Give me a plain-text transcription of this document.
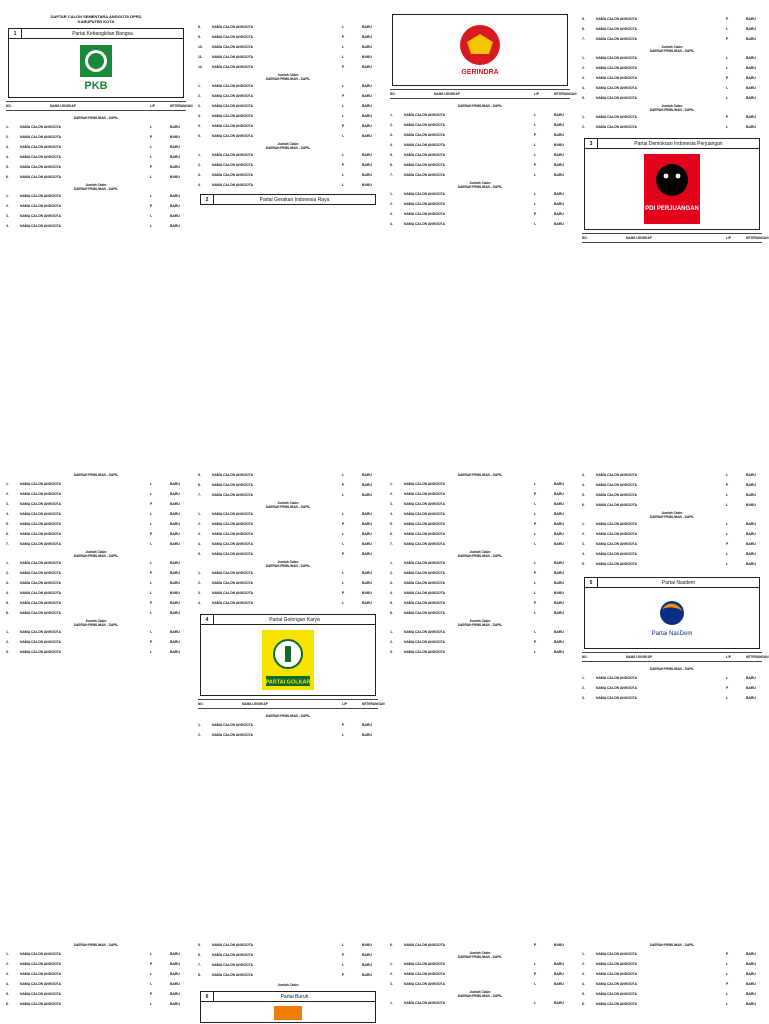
DAFTAR CALON SEMENTARA ANGGOTA DPRD
KABUPATEN KOTA
1	Partai Kebangkitan Bangsa
PKB
NO.	NAMA LENGKAP	L/P	KETERANGAN
DAERAH PEMILIHAN - DAPIL
1.	NAMA CALON ANGGOTA	L	BARU
2.	NAMA CALON ANGGOTA	P	BARU
3.	NAMA CALON ANGGOTA	L	BARU
4.	NAMA CALON ANGGOTA	L	BARU
5.	NAMA CALON ANGGOTA	P	BARU
6.	NAMA CALON ANGGOTA	L	BARU
Jumlah Calon
DAERAH PEMILIHAN - DAPIL
1.	NAMA CALON ANGGOTA	L	BARU
2.	NAMA CALON ANGGOTA	P	BARU
3.	NAMA CALON ANGGOTA	L	BARU
4.	NAMA CALON ANGGOTA	L	BARU
8.	NAMA CALON ANGGOTA	L	BARU
9.	NAMA CALON ANGGOTA	P	BARU
10.	NAMA CALON ANGGOTA	L	BARU
11.	NAMA CALON ANGGOTA	L	BARU
12.	NAMA CALON ANGGOTA	P	BARU
Jumlah Calon
DAERAH PEMILIHAN - DAPIL
1.	NAMA CALON ANGGOTA	L	BARU
2.	NAMA CALON ANGGOTA	P	BARU
3.	NAMA CALON ANGGOTA	L	BARU
4.	NAMA CALON ANGGOTA	L	BARU
5.	NAMA CALON ANGGOTA	P	BARU
6.	NAMA CALON ANGGOTA	L	BARU
Jumlah Calon
DAERAH PEMILIHAN - DAPIL
1.	NAMA CALON ANGGOTA	L	BARU
2.	NAMA CALON ANGGOTA	P	BARU
3.	NAMA CALON ANGGOTA	L	BARU
4.	NAMA CALON ANGGOTA	L	BARU
2	Partai Gerakan Indonesia Raya
GERINDRA
NO.	NAMA LENGKAP	L/P	KETERANGAN
DAERAH PEMILIHAN - DAPIL
1.	NAMA CALON ANGGOTA	L	BARU
2.	NAMA CALON ANGGOTA	L	BARU
3.	NAMA CALON ANGGOTA	P	BARU
4.	NAMA CALON ANGGOTA	L	BARU
5.	NAMA CALON ANGGOTA	L	BARU
6.	NAMA CALON ANGGOTA	P	BARU
7.	NAMA CALON ANGGOTA	L	BARU
Jumlah Calon
DAERAH PEMILIHAN - DAPIL
1.	NAMA CALON ANGGOTA	L	BARU
2.	NAMA CALON ANGGOTA	L	BARU
3.	NAMA CALON ANGGOTA	P	BARU
4.	NAMA CALON ANGGOTA	L	BARU
5.	NAMA CALON ANGGOTA	P	BARU
6.	NAMA CALON ANGGOTA	L	BARU
7.	NAMA CALON ANGGOTA	P	BARU
Jumlah Calon
DAERAH PEMILIHAN - DAPIL
1.	NAMA CALON ANGGOTA	L	BARU
2.	NAMA CALON ANGGOTA	L	BARU
3.	NAMA CALON ANGGOTA	P	BARU
4.	NAMA CALON ANGGOTA	L	BARU
5.	NAMA CALON ANGGOTA	L	BARU
Jumlah Calon
DAERAH PEMILIHAN - DAPIL
1.	NAMA CALON ANGGOTA	P	BARU
2.	NAMA CALON ANGGOTA	L	BARU
3	Partai Demokrasi Indonesia Perjuangan
PDI PERJUANGAN
NO.	NAMA LENGKAP	L/P	KETERANGAN
DAERAH PEMILIHAN - DAPIL
1.	NAMA CALON ANGGOTA	L	BARU
2.	NAMA CALON ANGGOTA	L	BARU
3.	NAMA CALON ANGGOTA	P	BARU
4.	NAMA CALON ANGGOTA	L	BARU
5.	NAMA CALON ANGGOTA	L	BARU
6.	NAMA CALON ANGGOTA	P	BARU
7.	NAMA CALON ANGGOTA	L	BARU
Jumlah Calon
DAERAH PEMILIHAN - DAPIL
1.	NAMA CALON ANGGOTA	L	BARU
2.	NAMA CALON ANGGOTA	P	BARU
3.	NAMA CALON ANGGOTA	L	BARU
4.	NAMA CALON ANGGOTA	L	BARU
5.	NAMA CALON ANGGOTA	P	BARU
6.	NAMA CALON ANGGOTA	L	BARU
Jumlah Calon
DAERAH PEMILIHAN - DAPIL
1.	NAMA CALON ANGGOTA	L	BARU
2.	NAMA CALON ANGGOTA	P	BARU
3.	NAMA CALON ANGGOTA	L	BARU
5.	NAMA CALON ANGGOTA	L	BARU
6.	NAMA CALON ANGGOTA	P	BARU
7.	NAMA CALON ANGGOTA	L	BARU
Jumlah Calon
DAERAH PEMILIHAN - DAPIL
1.	NAMA CALON ANGGOTA	L	BARU
2.	NAMA CALON ANGGOTA	P	BARU
3.	NAMA CALON ANGGOTA	L	BARU
4.	NAMA CALON ANGGOTA	L	BARU
5.	NAMA CALON ANGGOTA	P	BARU
Jumlah Calon
DAERAH PEMILIHAN - DAPIL
1.	NAMA CALON ANGGOTA	L	BARU
2.	NAMA CALON ANGGOTA	L	BARU
3.	NAMA CALON ANGGOTA	P	BARU
4.	NAMA CALON ANGGOTA	L	BARU
4	Partai Golongan Karya
PARTAI GOLKAR
NO.	NAMA LENGKAP	L/P	KETERANGAN
DAERAH PEMILIHAN - DAPIL
1.	NAMA CALON ANGGOTA	P	BARU
2.	NAMA CALON ANGGOTA	L	BARU
DAERAH PEMILIHAN - DAPIL
1.	NAMA CALON ANGGOTA	L	BARU
2.	NAMA CALON ANGGOTA	P	BARU
3.	NAMA CALON ANGGOTA	L	BARU
4.	NAMA CALON ANGGOTA	L	BARU
5.	NAMA CALON ANGGOTA	P	BARU
6.	NAMA CALON ANGGOTA	L	BARU
7.	NAMA CALON ANGGOTA	L	BARU
Jumlah Calon
DAERAH PEMILIHAN - DAPIL
1.	NAMA CALON ANGGOTA	L	BARU
2.	NAMA CALON ANGGOTA	P	BARU
3.	NAMA CALON ANGGOTA	L	BARU
4.	NAMA CALON ANGGOTA	L	BARU
5.	NAMA CALON ANGGOTA	P	BARU
6.	NAMA CALON ANGGOTA	L	BARU
Jumlah Calon
DAERAH PEMILIHAN - DAPIL
1.	NAMA CALON ANGGOTA	L	BARU
2.	NAMA CALON ANGGOTA	P	BARU
3.	NAMA CALON ANGGOTA	L	BARU
3.	NAMA CALON ANGGOTA	L	BARU
4.	NAMA CALON ANGGOTA	P	BARU
5.	NAMA CALON ANGGOTA	L	BARU
6.	NAMA CALON ANGGOTA	L	BARU
Jumlah Calon
DAERAH PEMILIHAN - DAPIL
1.	NAMA CALON ANGGOTA	L	BARU
2.	NAMA CALON ANGGOTA	L	BARU
3.	NAMA CALON ANGGOTA	P	BARU
4.	NAMA CALON ANGGOTA	L	BARU
5.	NAMA CALON ANGGOTA	L	BARU
5	Partai Nasdem
Partai NasDem
NO.	NAMA LENGKAP	L/P	KETERANGAN
DAERAH PEMILIHAN - DAPIL
1.	NAMA CALON ANGGOTA	L	BARU
2.	NAMA CALON ANGGOTA	P	BARU
3.	NAMA CALON ANGGOTA	L	BARU
DAERAH PEMILIHAN - DAPIL
1.	NAMA CALON ANGGOTA	L	BARU
2.	NAMA CALON ANGGOTA	P	BARU
3.	NAMA CALON ANGGOTA	L	BARU
4.	NAMA CALON ANGGOTA	L	BARU
5.	NAMA CALON ANGGOTA	P	BARU
6.	NAMA CALON ANGGOTA	L	BARU
5.	NAMA CALON ANGGOTA	L	BARU
6.	NAMA CALON ANGGOTA	P	BARU
7.	NAMA CALON ANGGOTA	L	BARU
8.	NAMA CALON ANGGOTA	P	BARU
Jumlah Calon
6	Partai Buruh
6.	NAMA CALON ANGGOTA	P	BARU
Jumlah Calon
DAERAH PEMILIHAN - DAPIL
1.	NAMA CALON ANGGOTA	L	BARU
2.	NAMA CALON ANGGOTA	P	BARU
3.	NAMA CALON ANGGOTA	L	BARU
Jumlah Calon
DAERAH PEMILIHAN - DAPIL
1.	NAMA CALON ANGGOTA	L	BARU
DAERAH PEMILIHAN - DAPIL
1.	NAMA CALON ANGGOTA	P	BARU
2.	NAMA CALON ANGGOTA	L	BARU
3.	NAMA CALON ANGGOTA	L	BARU
4.	NAMA CALON ANGGOTA	P	BARU
5.	NAMA CALON ANGGOTA	L	BARU
6.	NAMA CALON ANGGOTA	L	BARU
